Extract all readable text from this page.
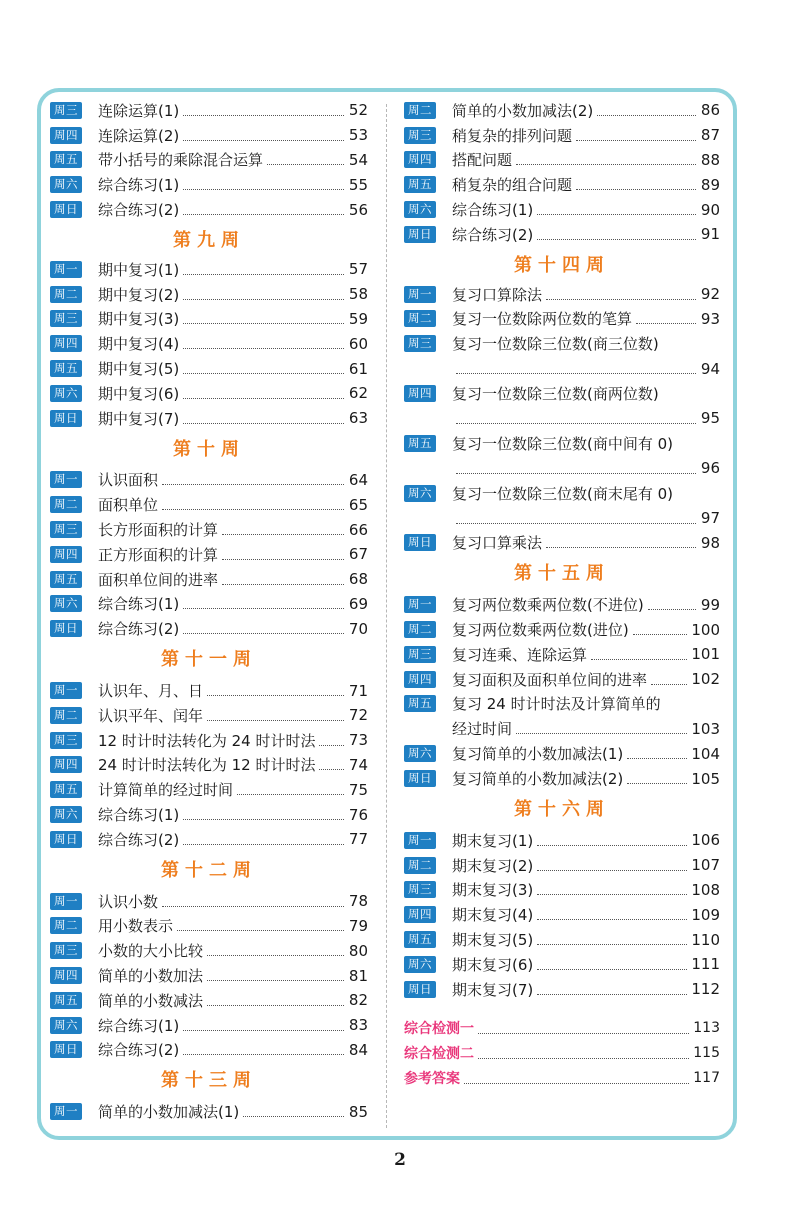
周三 连除运算(1)	52
周四 连除运算(2)	53
周五 带小括号的乘除混合运算	54
周六 综合练习(1)	55
周日 综合练习(2)	56
第九周
周一 期中复习(1)	57
周二 期中复习(2)	58
周三 期中复习(3)	59
周四 期中复习(4)	60
周五 期中复习(5)	61
周六 期中复习(6)	62
周日 期中复习(7)	63
第十周
周一 认识面积	64
周二 面积单位	65
周三 长方形面积的计算	66
周四 正方形面积的计算	67
周五 面积单位间的进率	68
周六 综合练习(1)	69
周日 综合练习(2)	70
第十一周
周一 认识年、月、日	71
周二 认识平年、闰年	72
周三 12 时计时法转化为 24 时计时法 73
周四 24 时计时法转化为 12 时计时法 74
周五 计算简单的经过时间	75
周六 综合练习(1)	76
周日 综合练习(2)	77
第十二周
周一 认识小数	78
周二 用小数表示	79
周三 小数的大小比较	80
周四 简单的小数加法	81
周五 简单的小数减法	82
周六 综合练习(1)	83
周日 综合练习(2)	84
第十三周
周一 简单的小数加减法(1)	85
周二 简单的小数加减法(2)	86
周三 稍复杂的排列问题	87
周四 搭配问题	88
周五 稍复杂的组合问题	89
周六 综合练习(1)	90
周日 综合练习(2)	91
第十四周
周一 复习口算除法	92
周二 复习一位数除两位数的笔算	93
周三 复习一位数除三位数(商三位数)
94
周四 复习一位数除三位数(商两位数)
95
周五 复习一位数除三位数(商中间有 0)
96
周六 复习一位数除三位数(商末尾有 0)
97
周日 复习口算乘法	98
第十五周
周一 复习两位数乘两位数(不进位)	99
周二 复习两位数乘两位数(进位)	100
周三 复习连乘、连除运算	101
周四 复习面积及面积单位间的进率	102
周五 复习 24 时计时法及计算简单的
经过时间	103
周六 复习简单的小数加减法(1)	104
周日 复习简单的小数加减法(2)	105
第十六周
周一 期末复习(1)	106
周二 期末复习(2)	107
周三 期末复习(3)	108
周四 期末复习(4)	109
周五 期末复习(5)	110
周六 期末复习(6)	111
周日 期末复习(7)	112
综合检测一	113
综合检测二	115
参考答案	117
2
